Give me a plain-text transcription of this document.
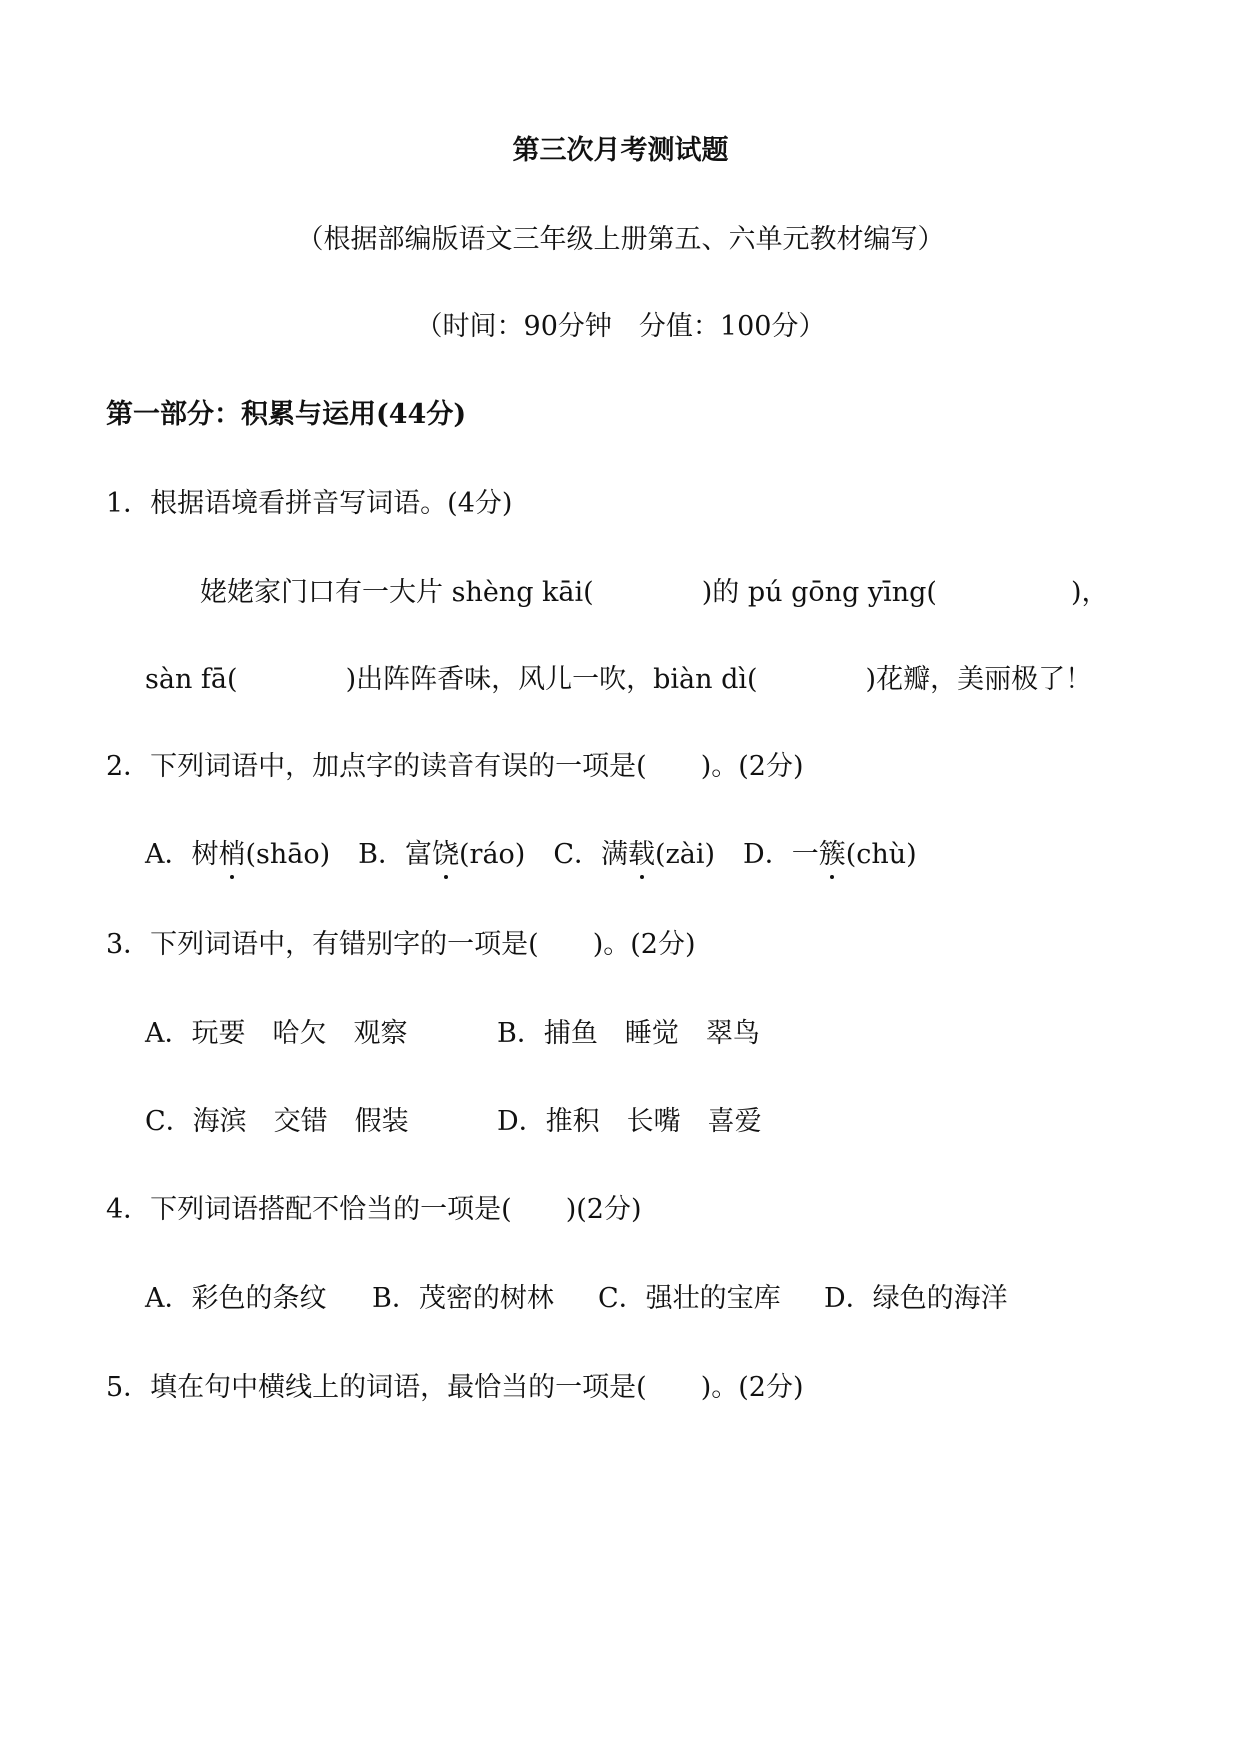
第三次月考测试题
（根据部编版语文三年级上册第五、六单元教材编写）
（时间：90分钟　分值：100分）
第一部分：积累与运用(44分)
1．根据语境看拼音写词语。(4分)
姥姥家门口有一大片 shèng kāi(	)的 pú gōng yīng(	)，
sàn fā(	)出阵阵香味，风儿一吹，biàn dì(	)花瓣，美丽极了！
2．下列词语中，加点字的读音有误的一项是(　　)。(2分)
A．树梢(shāo) B．富饶(ráo) C．满载(zài) D．一簇(chù)
3．下列词语中，有错别字的一项是(　　)。(2分)
A．玩要　哈欠　观察	B．捕鱼　睡觉　翠鸟
C．海滨　交错　假装	D．推积　长嘴　喜爱
4．下列词语搭配不恰当的一项是(　　)(2分)
A．彩色的条纹 B．茂密的树林 C．强壮的宝库 D．绿色的海洋
5．填在句中横线上的词语，最恰当的一项是(　　)。(2分)
